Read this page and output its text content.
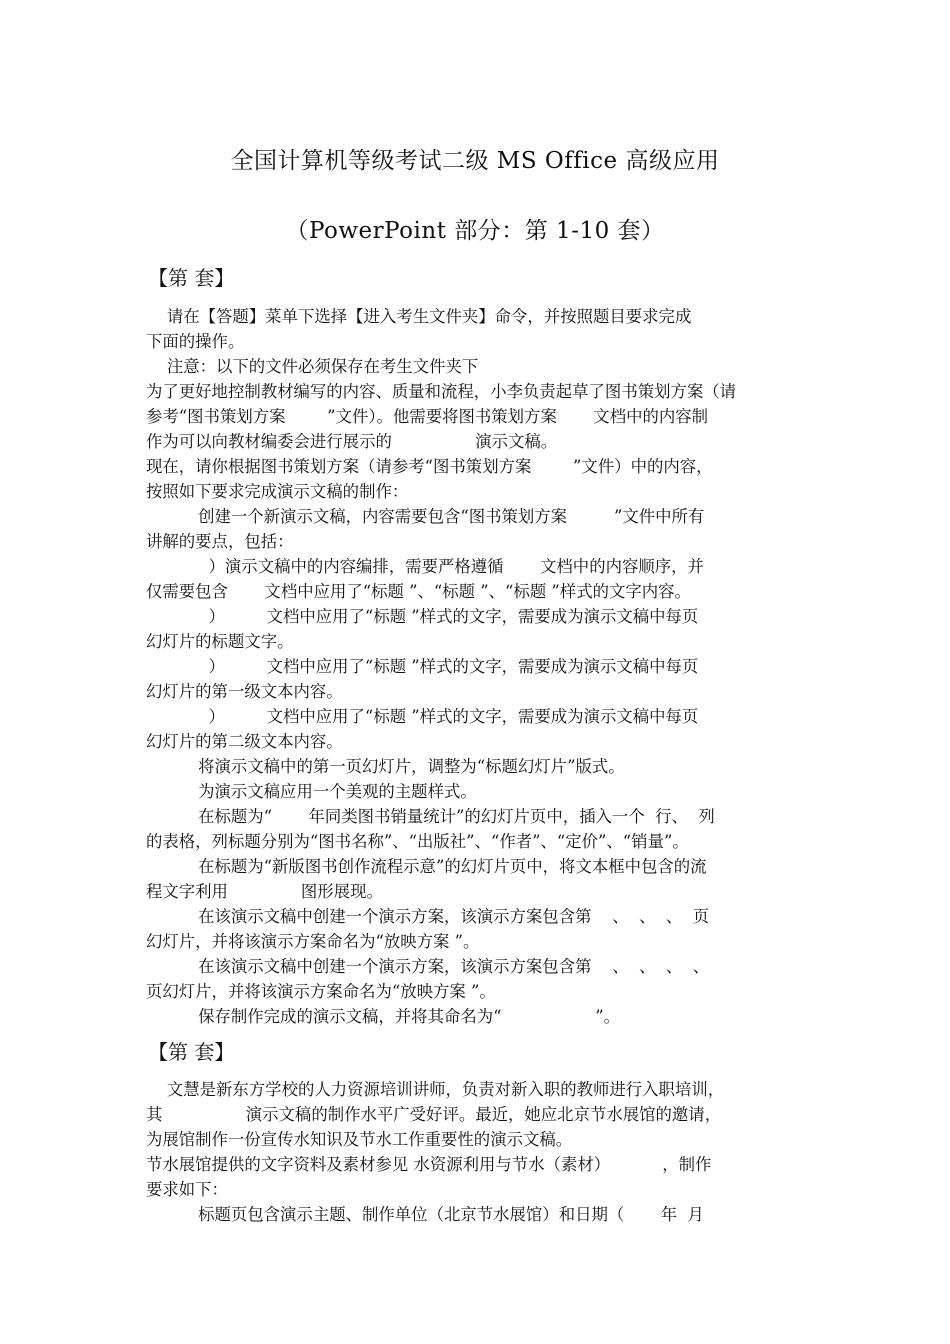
全国计算机等级考试二级 MS Office 高级应用
（PowerPoint 部分：第 1-10 套）
【第 套】
请在【答题】菜单下选择【进入考生文件夹】命令，并按照题目要求完成
下面的操作。
注意：以下的文件必须保存在考生文件夹下
为了更好地控制教材编写的内容、质量和流程，小李负责起草了图书策划方案（请
参考“图书策划方案        ”文件）。他需要将图书策划方案       文档中的内容制
作为可以向教材编委会进行展示的                演示文稿。
现在，请你根据图书策划方案（请参考“图书策划方案        ”文件）中的内容，
按照如下要求完成演示文稿的制作：
创建一个新演示文稿，内容需要包含“图书策划方案         ”文件中所有
讲解的要点，包括：
）演示文稿中的内容编排，需要严格遵循       文档中的内容顺序，并
仅需要包含       文档中应用了“标题 ”、“标题 ”、“标题 ”样式的文字内容。
）        文档中应用了“标题 ”样式的文字，需要成为演示文稿中每页
幻灯片的标题文字。
）        文档中应用了“标题 ”样式的文字，需要成为演示文稿中每页
幻灯片的第一级文本内容。
）        文档中应用了“标题 ”样式的文字，需要成为演示文稿中每页
幻灯片的第二级文本内容。
将演示文稿中的第一页幻灯片，调整为“标题幻灯片”版式。
为演示文稿应用一个美观的主题样式。
在标题为“       年同类图书销量统计”的幻灯片页中，插入一个  行、  列
的表格，列标题分别为“图书名称”、“出版社”、“作者”、“定价”、“销量”。
在标题为“新版图书创作流程示意”的幻灯片页中，将文本框中包含的流
程文字利用              图形展现。
在该演示文稿中创建一个演示方案，该演示方案包含第    、  、  、  页
幻灯片，并将该演示方案命名为“放映方案 ”。
在该演示文稿中创建一个演示方案，该演示方案包含第    、  、  、  、
页幻灯片，并将该演示方案命名为“放映方案 ”。
保存制作完成的演示文稿，并将其命名为“                  ”。
【第 套】
文慧是新东方学校的人力资源培训讲师，负责对新入职的教师进行入职培训，
其                演示文稿的制作水平广受好评。最近，她应北京节水展馆的邀请，
为展馆制作一份宣传水知识及节水工作重要性的演示文稿。
节水展馆提供的文字资料及素材参见 水资源利用与节水（素材）          ，制作
要求如下：
标题页包含演示主题、制作单位（北京节水展馆）和日期（       年  月
